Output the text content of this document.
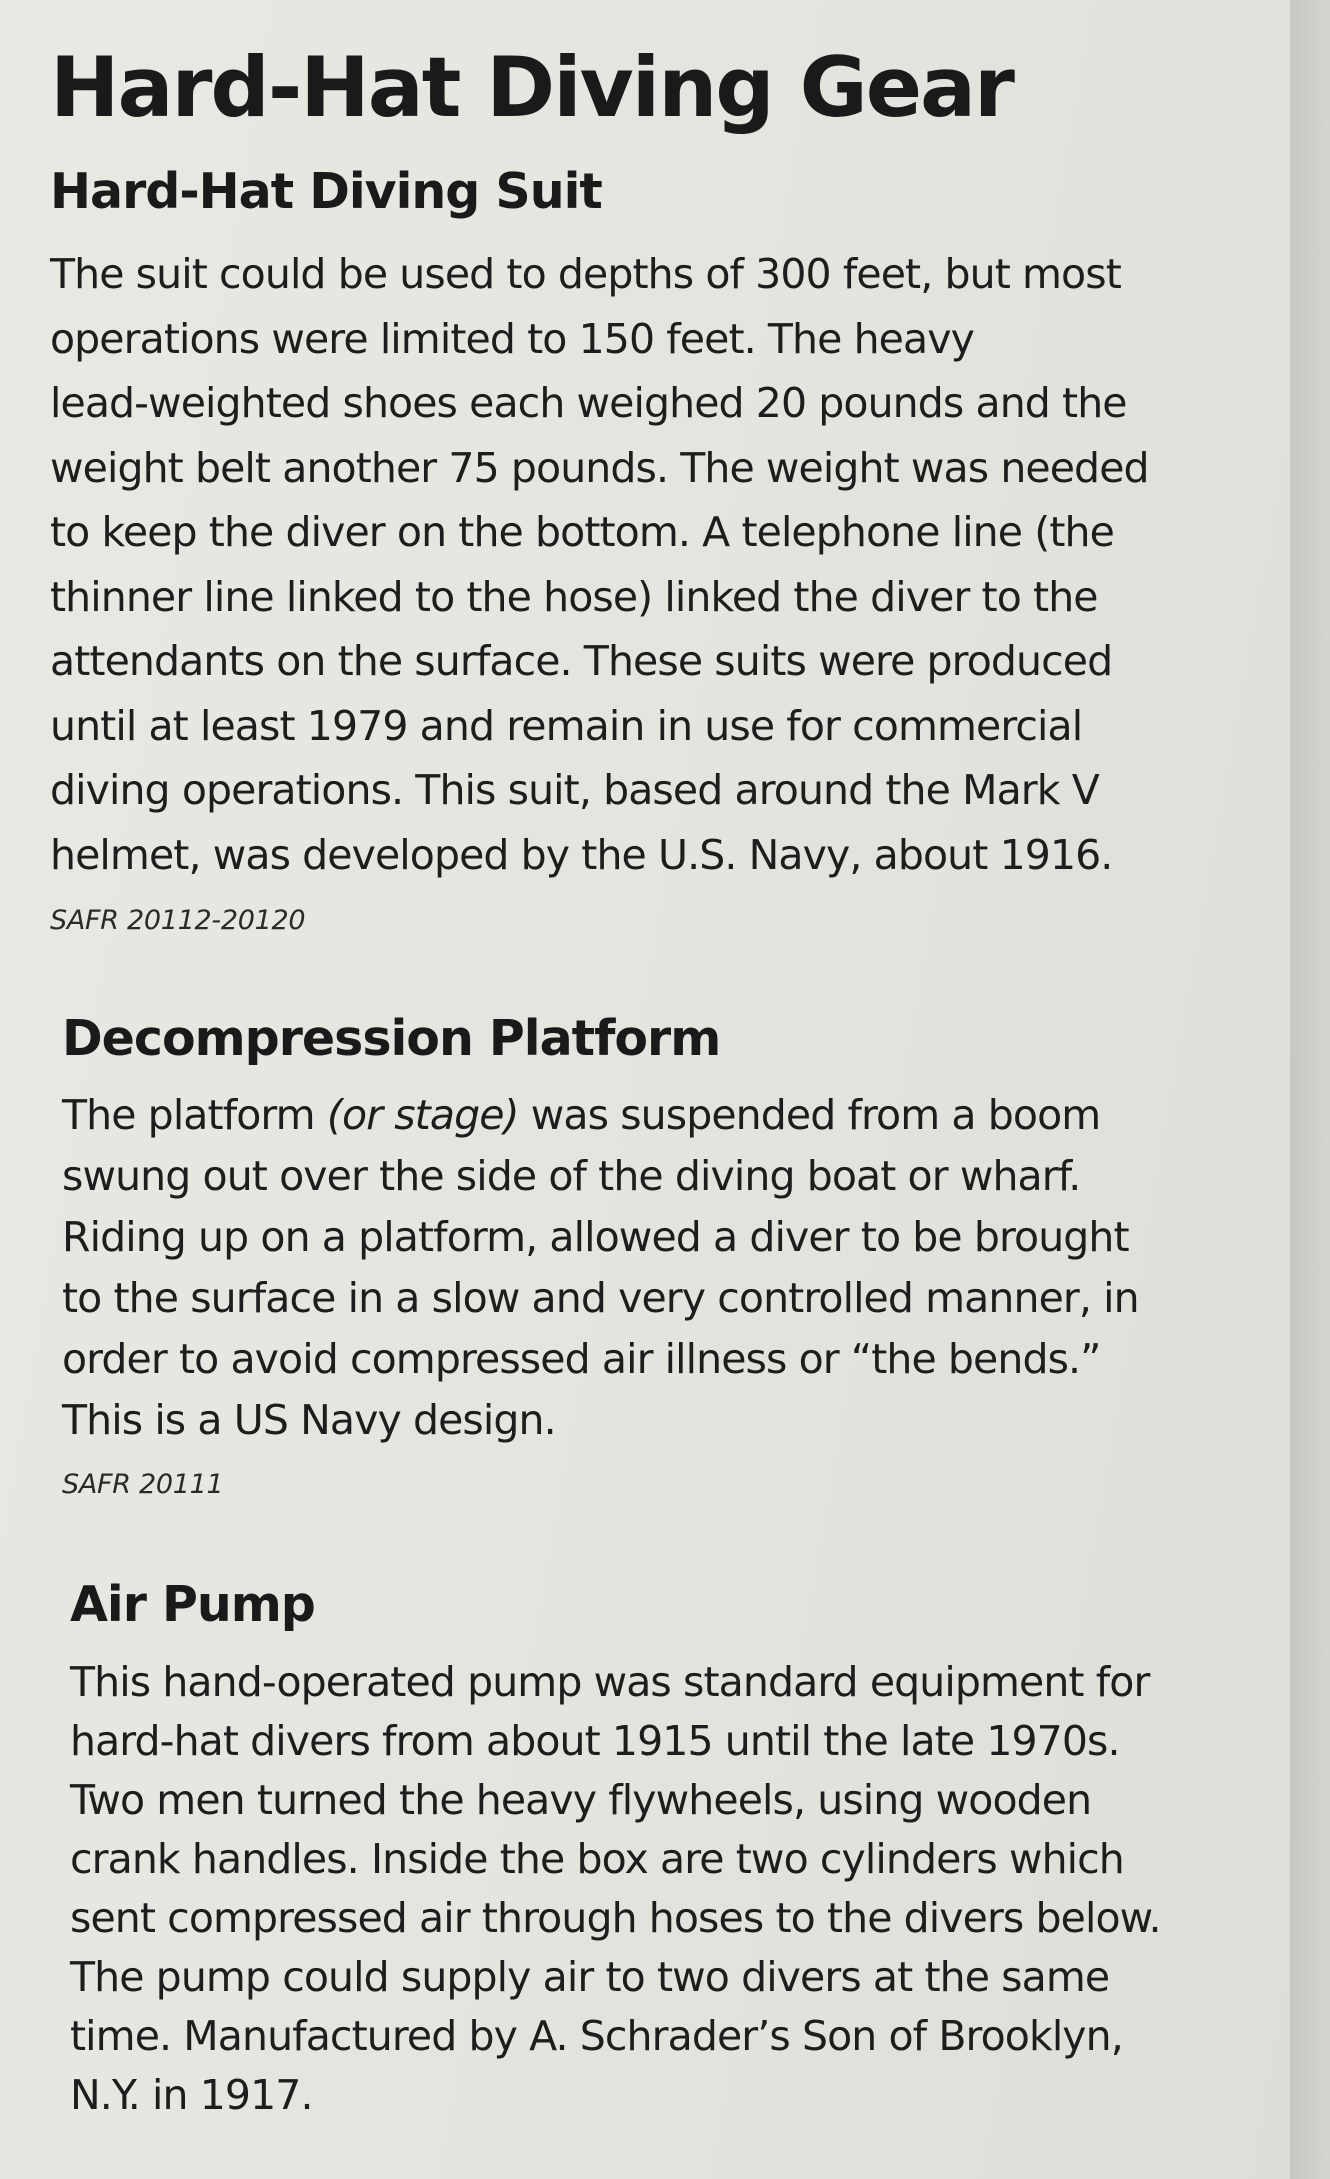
Hard-Hat Diving Gear
Hard-Hat Diving Suit
The suit could be used to depths of 300 feet, but most
operations were limited to 150 feet. The heavy
lead-weighted shoes each weighed 20 pounds and the
weight belt another 75 pounds. The weight was needed
to keep the diver on the bottom. A telephone line (the
thinner line linked to the hose) linked the diver to the
attendants on the surface. These suits were produced
until at least 1979 and remain in use for commercial
diving operations. This suit, based around the Mark V
helmet, was developed by the U.S. Navy, about 1916.
SAFR 20112-20120
Decompression Platform
The platform (or stage) was suspended from a boom
swung out over the side of the diving boat or wharf.
Riding up on a platform, allowed a diver to be brought
to the surface in a slow and very controlled manner, in
order to avoid compressed air illness or “the bends.”
This is a US Navy design.
SAFR 20111
Air Pump
This hand-operated pump was standard equipment for
hard-hat divers from about 1915 until the late 1970s.
Two men turned the heavy flywheels, using wooden
crank handles. Inside the box are two cylinders which
sent compressed air through hoses to the divers below.
The pump could supply air to two divers at the same
time. Manufactured by A. Schrader’s Son of Brooklyn,
N.Y. in 1917.
